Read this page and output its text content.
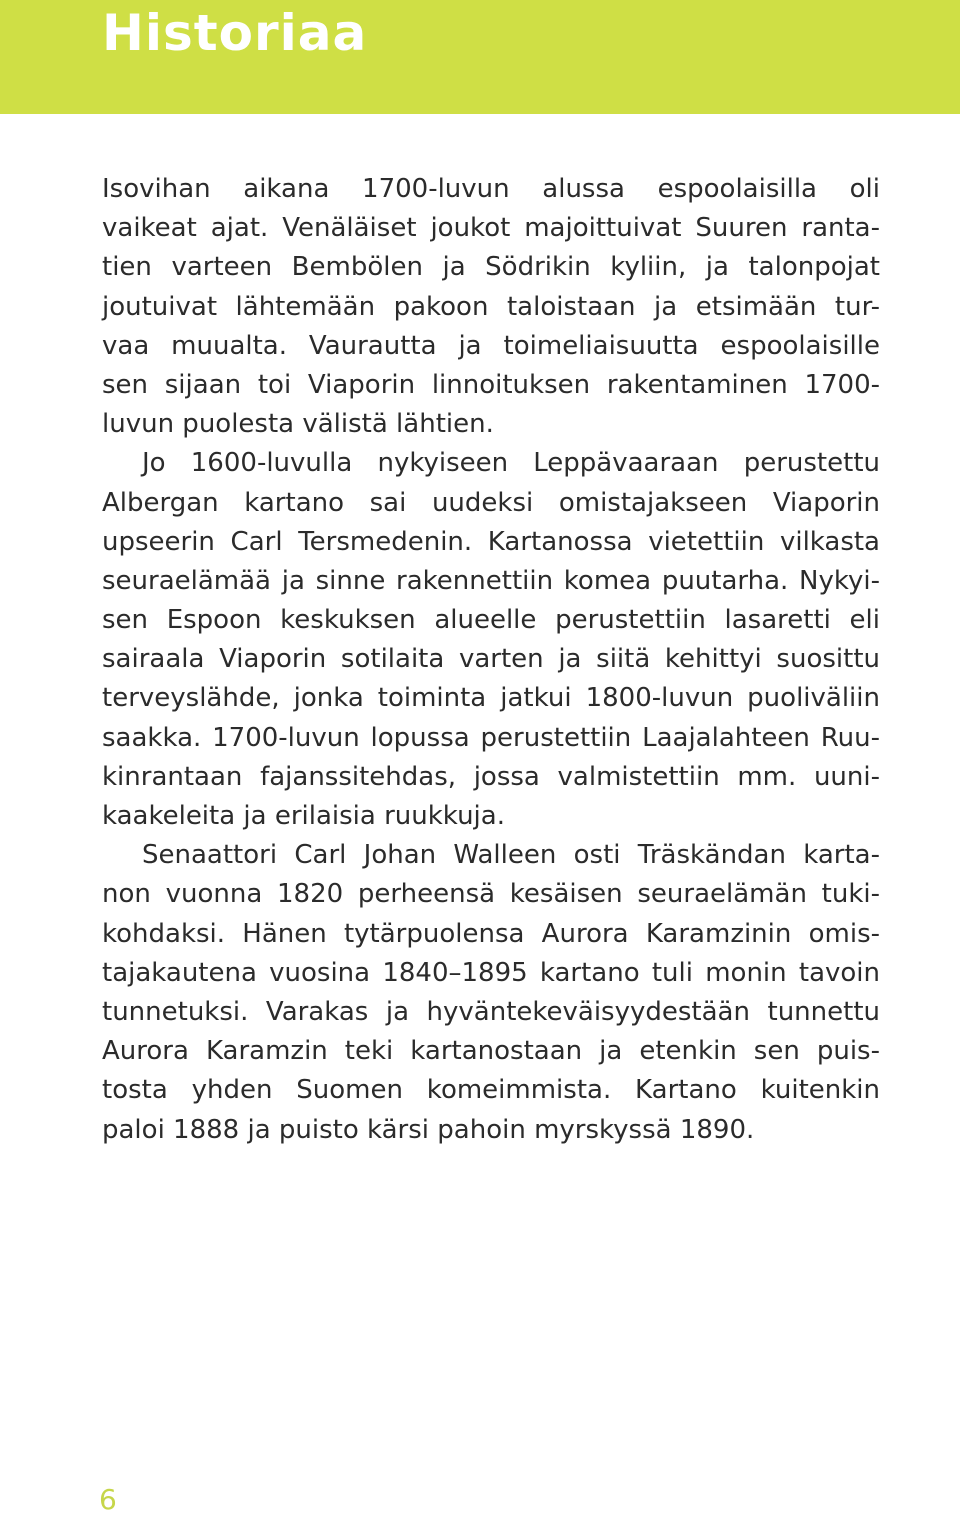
Historiaa
Isovihan aikana 1700-luvun alussa espoolaisilla oli
vaikeat ajat. Venäläiset joukot majoittuivat Suuren ranta-
tien varteen Bembölen ja Södrikin kyliin, ja talonpojat
joutuivat lähtemään pakoon taloistaan ja etsimään tur-
vaa muualta. Vaurautta ja toimeliaisuutta espoolaisille
sen sijaan toi Viaporin linnoituksen rakentaminen 1700-
luvun puolesta välistä lähtien.
Jo 1600-luvulla nykyiseen Leppävaaraan perustettu
Albergan kartano sai uudeksi omistajakseen Viaporin
upseerin Carl Tersmedenin. Kartanossa vietettiin vilkasta
seuraelämää ja sinne rakennettiin komea puutarha. Nykyi-
sen Espoon keskuksen alueelle perustettiin lasaretti eli
sairaala Viaporin sotilaita varten ja siitä kehittyi suosittu
terveyslähde, jonka toiminta jatkui 1800-luvun puoliväliin
saakka. 1700-luvun lopussa perustettiin Laajalahteen Ruu-
kinrantaan fajanssitehdas, jossa valmistettiin mm. uuni-
kaakeleita ja erilaisia ruukkuja.
Senaattori Carl Johan Walleen osti Träskändan karta-
non vuonna 1820 perheensä kesäisen seuraelämän tuki-
kohdaksi. Hänen tytärpuolensa Aurora Karamzinin omis-
tajakautena vuosina 1840–1895 kartano tuli monin tavoin
tunnetuksi. Varakas ja hyväntekeväisyydestään tunnettu
Aurora Karamzin teki kartanostaan ja etenkin sen puis-
tosta yhden Suomen komeimmista. Kartano kuitenkin
paloi 1888 ja puisto kärsi pahoin myrskyssä 1890.
6
